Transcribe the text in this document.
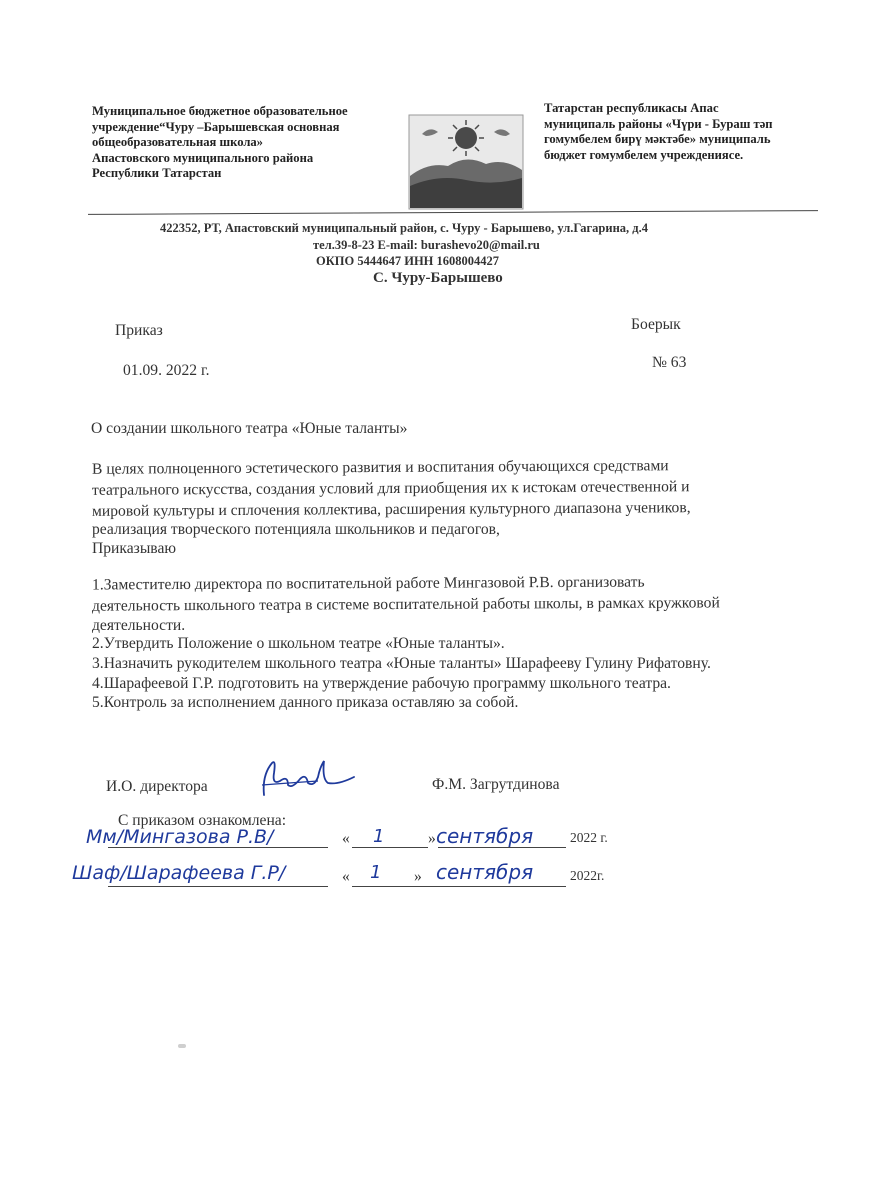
Муниципальное бюджетное образовательное
учреждение“Чуру –Барышевская основная
общеобразовательная школа»
Апастовского муниципального района
Республики Татарстан
Татарстан республикасы Апас
муниципаль районы «Чүри - Бураш тәп
гомумбелем бирү мәктәбе» муниципаль
бюджет гомумбелем учреждениясе.
422352, РТ, Апастовский муниципальный район, с. Чуру - Барышево, ул.Гагарина, д.4
тел.39-8-23 E-mail: burashevo20@mail.ru
ОКПО 5444647 ИНН 1608004427
С. Чуру-Барышево
Приказ	Боерык
01.09. 2022 г.	№ 63
О создании школьного театра «Юные таланты»
В целях полноценного эстетического развития и воспитания обучающихся средствами
театрального искусства, создания условий для приобщения их к истокам отечественной и
мировой культуры и сплочения коллектива, расширения культурного диапазона учеников,
реализация творческого потенцияла школьников и педагогов,
Приказываю
1.Заместителю директора по воспитательной работе Мингазовой Р.В. организовать
деятельность школьного театра в системе воспитательной работы школы, в рамках кружковой
деятельности.
2.Утвердить Положение о школьном театре «Юные таланты».
3.Назначить рукодителем школьного театра «Юные таланты» Шарафееву Гулину Рифатовну.
4.Шарафеевой Г.Р. подготовить на утверждение рабочую программу школьного театра.
5.Контроль за исполнением данного приказа оставляю за собой.
И.О. директора	Ф.М. Загрутдинова
С приказом ознакомлена:
Мм/Мингазова Р.В/	« 1	» сентября	2022 г.
Шаф/Шарафеева Г.Р/	« 1 » сентября	2022г.
